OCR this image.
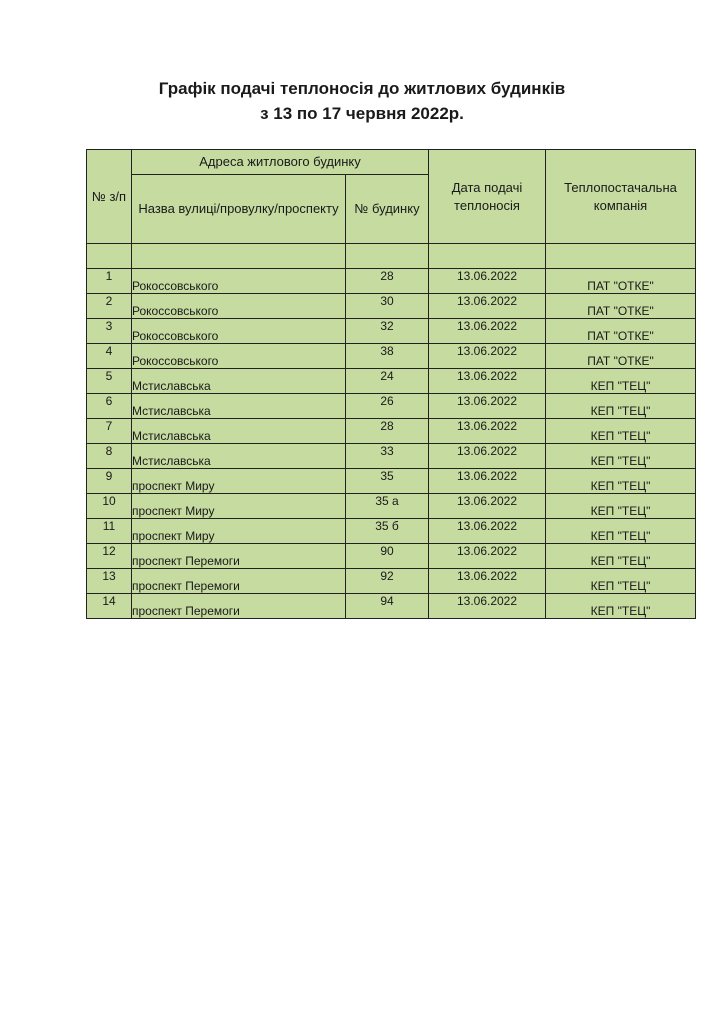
Графік подачі теплоносія до житлових будинків
з 13 по 17 червня 2022р.
№ з/п	Адреса житлового будинку		Дата подачі теплоносія	Теплопостачальна компанія
	Назва вулиці/провулку/проспекту	№ будинку		

1	Рокоссовського	28	13.06.2022	ПАТ "ОТКЕ"
2	Рокоссовського	30	13.06.2022	ПАТ "ОТКЕ"
3	Рокоссовського	32	13.06.2022	ПАТ "ОТКЕ"
4	Рокоссовського	38	13.06.2022	ПАТ "ОТКЕ"
5	Мстиславська	24	13.06.2022	КЕП "ТЕЦ"
6	Мстиславська	26	13.06.2022	КЕП "ТЕЦ"
7	Мстиславська	28	13.06.2022	КЕП "ТЕЦ"
8	Мстиславська	33	13.06.2022	КЕП "ТЕЦ"
9	проспект Миру	35	13.06.2022	КЕП "ТЕЦ"
10	проспект Миру	35 а	13.06.2022	КЕП "ТЕЦ"
11	проспект Миру	35 б	13.06.2022	КЕП "ТЕЦ"
12	проспект Перемоги	90	13.06.2022	КЕП "ТЕЦ"
13	проспект Перемоги	92	13.06.2022	КЕП "ТЕЦ"
14	проспект Перемоги	94	13.06.2022	КЕП "ТЕЦ"
